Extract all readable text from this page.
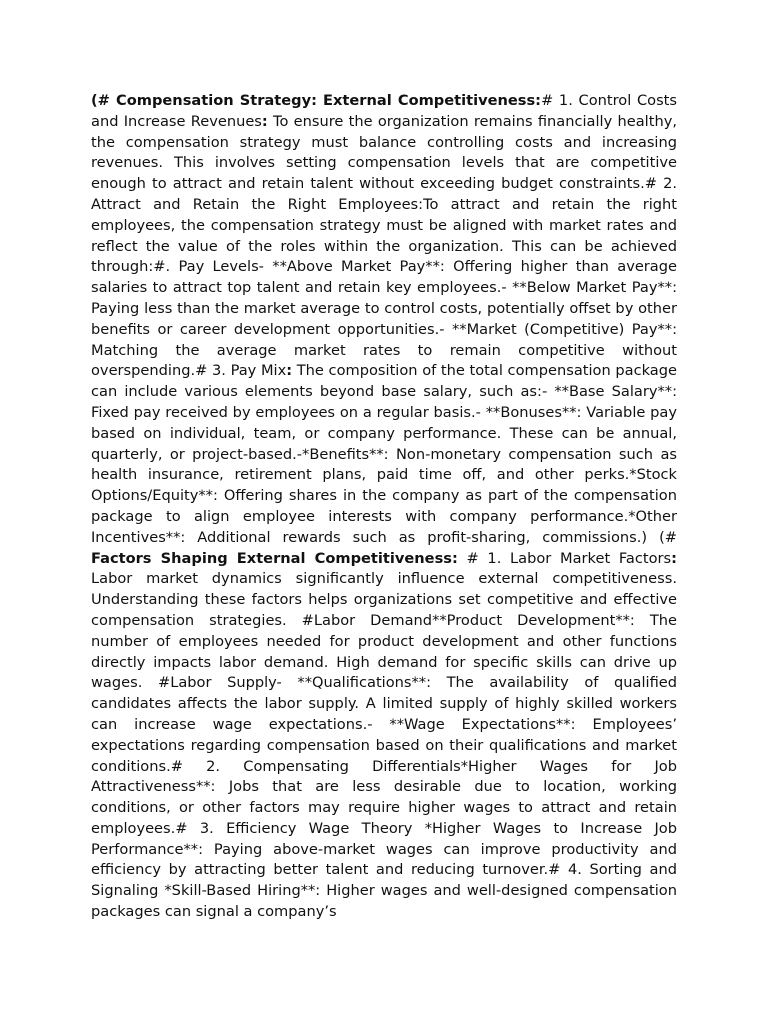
(# Compensation Strategy: External Competitiveness:# 1. Control Costs and Increase Revenues: To ensure the organization remains financially healthy, the compensation strategy must balance controlling costs and increasing revenues. This involves setting compensation levels that are competitive enough to attract and retain talent without exceeding budget constraints.# 2. Attract and Retain the Right Employees:To attract and retain the right employees, the compensation strategy must be aligned with market rates and reflect the value of the roles within the organization. This can be achieved through:#. Pay Levels- **Above Market Pay**: Offering higher than average salaries to attract top talent and retain key employees.- **Below Market Pay**: Paying less than the market average to control costs, potentially offset by other benefits or career development opportunities.- **Market (Competitive) Pay**: Matching the average market rates to remain competitive without overspending.# 3. Pay Mix: The composition of the total compensation package can include various elements beyond base salary, such as:- **Base Salary**: Fixed pay received by employees on a regular basis.- **Bonuses**: Variable pay based on individual, team, or company performance. These can be annual, quarterly, or project-based.-*Benefits**: Non-monetary compensation such as health insurance, retirement plans, paid time off, and other perks.*Stock Options/Equity**: Offering shares in the company as part of the compensation package to align employee interests with company performance.*Other Incentives**: Additional rewards such as profit-sharing, commissions.) (# Factors Shaping External Competitiveness: # 1. Labor Market Factors: Labor market dynamics significantly influence external competitiveness. Understanding these factors helps organizations set competitive and effective compensation strategies. #Labor Demand**Product Development**: The number of employees needed for product development and other functions directly impacts labor demand. High demand for specific skills can drive up wages. #Labor Supply- **Qualifications**: The availability of qualified candidates affects the labor supply. A limited supply of highly skilled workers can increase wage expectations.- **Wage Expectations**: Employees’ expectations regarding compensation based on their qualifications and market conditions.# 2. Compensating Differentials*Higher Wages for Job Attractiveness**: Jobs that are less desirable due to location, working conditions, or other factors may require higher wages to attract and retain employees.# 3. Efficiency Wage Theory *Higher Wages to Increase Job Performance**: Paying above-market wages can improve productivity and efficiency by attracting better talent and reducing turnover.# 4. Sorting and Signaling *Skill-Based Hiring**: Higher wages and well-designed compensation packages can signal a company’s
